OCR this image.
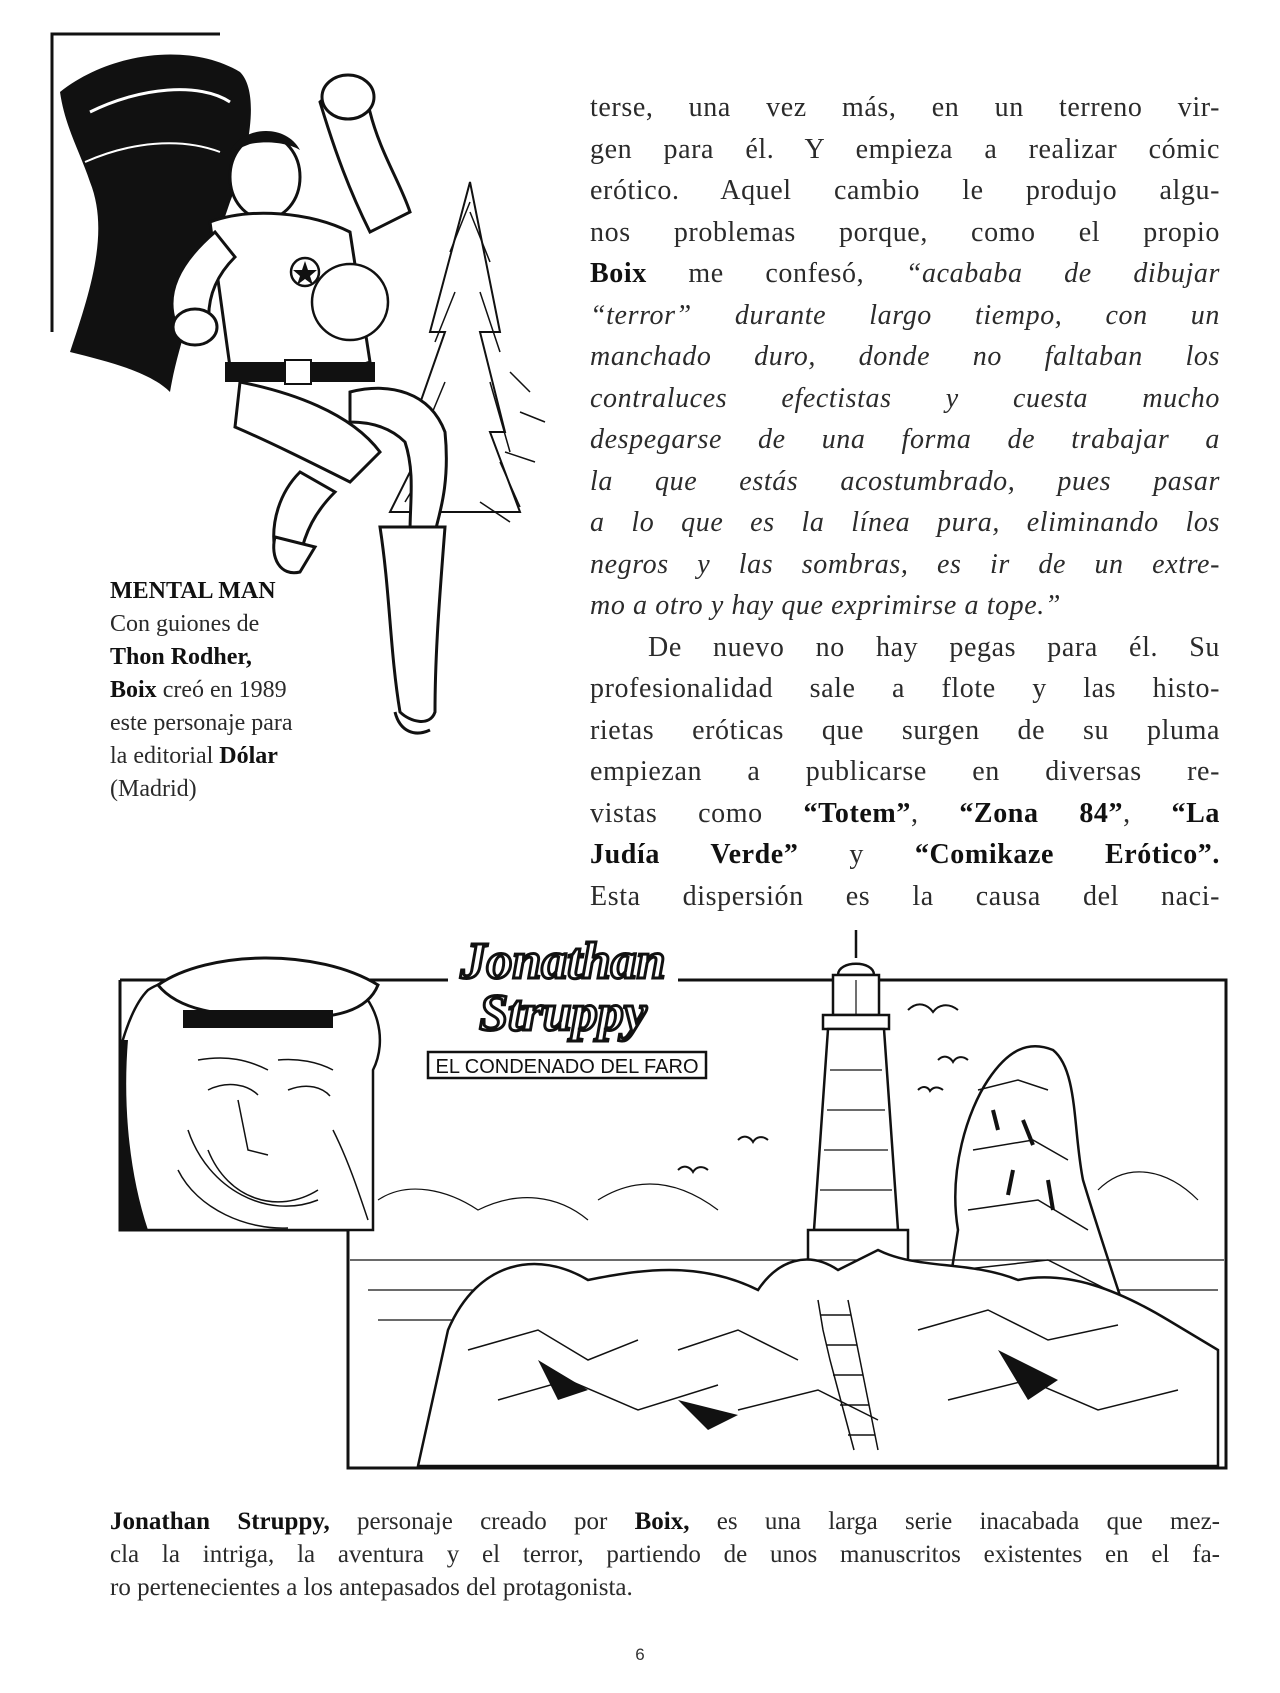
MENTAL MAN
Con guiones de
Thon Rodher,
Boix creó en 1989
este personaje para
la editorial Dólar
(Madrid)
terse, una vez más, en un terreno vir-
gen para él. Y empieza a realizar cómic
erótico. Aquel cambio le produjo algu-
nos problemas porque, como el propio
Boix me confesó, “acababa de dibujar
“terror” durante largo tiempo, con un
manchado duro, donde no faltaban los
contraluces efectistas y cuesta mucho
despegarse de una forma de trabajar a
la que estás acostumbrado, pues pasar
a lo que es la línea pura, eliminando los
negros y las sombras, es ir de un extre-
mo a otro y hay que exprimirse a tope.”
De nuevo no hay pegas para él. Su
profesionalidad sale a flote y las histo-
rietas eróticas que surgen de su pluma
empiezan a publicarse en diversas re-
vistas como “Totem”, “Zona 84”, “La
Judía Verde” y “Comikaze Erótico”.
Esta dispersión es la causa del naci-
Jonathan
Struppy
EL CONDENADO DEL FARO
Jonathan Struppy, personaje creado por Boix, es una larga serie inacabada que mez-
cla la intriga, la aventura y el terror, partiendo de unos manuscritos existentes en el fa-
ro pertenecientes a los antepasados del protagonista.
6
